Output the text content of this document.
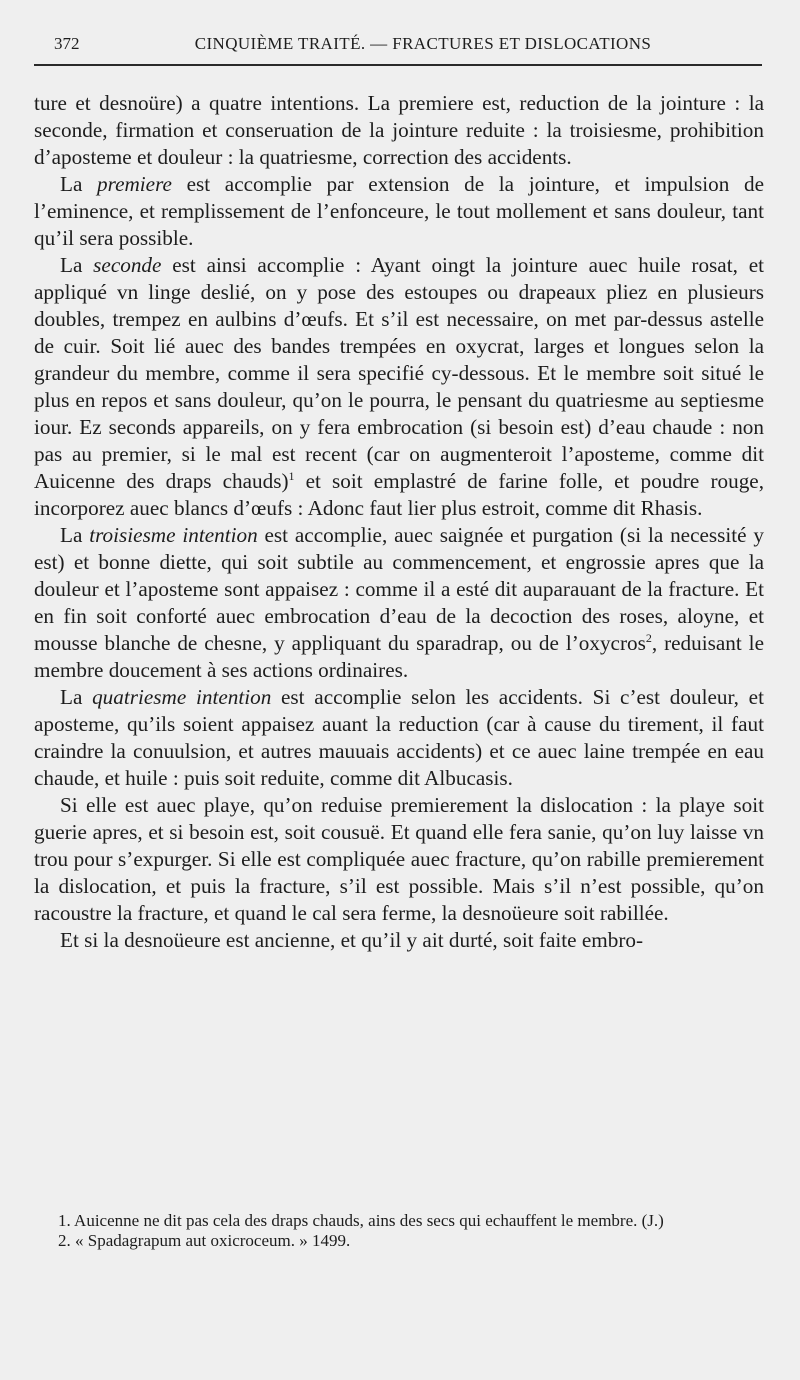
372	CINQUIÈME TRAITÉ. — FRACTURES ET DISLOCATIONS

ture et desnoüre) a quatre intentions. La premiere est, reduction de la jointure : la seconde, firmation et conseruation de la jointure reduite : la troisiesme, prohibition d’aposteme et douleur : la quatriesme, correction des accidents.

La premiere est accomplie par extension de la jointure, et impulsion de l’eminence, et remplissement de l’enfonceure, le tout mollement et sans douleur, tant qu’il sera possible.

La seconde est ainsi accomplie : Ayant oingt la jointure auec huile rosat, et appliqué vn linge deslié, on y pose des estoupes ou drapeaux pliez en plusieurs doubles, trempez en aulbins d’œufs. Et s’il est necessaire, on met par-dessus astelle de cuir. Soit lié auec des bandes trempées en oxycrat, larges et longues selon la grandeur du membre, comme il sera specifié cy-dessous. Et le membre soit situé le plus en repos et sans douleur, qu’on le pourra, le pensant du quatriesme au septiesme iour. Ez seconds appareils, on y fera embrocation (si besoin est) d’eau chaude : non pas au premier, si le mal est recent (car on augmenteroit l’aposteme, comme dit Auicenne des draps chauds)$^1$ et soit emplastré de farine folle, et poudre rouge, incorporez auec blancs d’œufs : Adonc faut lier plus estroit, comme dit Rhasis.

La troisiesme intention est accomplie, auec saignée et purgation (si la necessité y est) et bonne diette, qui soit subtile au commencement, et engrossie apres que la douleur et l’aposteme sont appaisez : comme il a esté dit auparauant de la fracture. Et en fin soit conforté auec embrocation d’eau de la decoction des roses, aloyne, et mousse blanche de chesne, y appliquant du sparadrap, ou de l’oxycros$^2$, reduisant le membre doucement à ses actions ordinaires.

La quatriesme intention est accomplie selon les accidents. Si c’est douleur, et aposteme, qu’ils soient appaisez auant la reduction (car à cause du tirement, il faut craindre la conuulsion, et autres mauuais accidents) et ce auec laine trempée en eau chaude, et huile : puis soit reduite, comme dit Albucasis.

Si elle est auec playe, qu’on reduise premierement la dislocation : la playe soit guerie apres, et si besoin est, soit cousuë. Et quand elle fera sanie, qu’on luy laisse vn trou pour s’expurger. Si elle est compliquée auec fracture, qu’on rabille premierement la dislocation, et puis la fracture, s’il est possible. Mais s’il n’est possible, qu’on racoustre la fracture, et quand le cal sera ferme, la desnoüeure soit rabillée.

Et si la desnoüeure est ancienne, et qu’il y ait durté, soit faite embro-

1. Auicenne ne dit pas cela des draps chauds, ains des secs qui echauffent le membre. (J.)

2. « Spadagrapum aut oxicroceum. » 1499.
